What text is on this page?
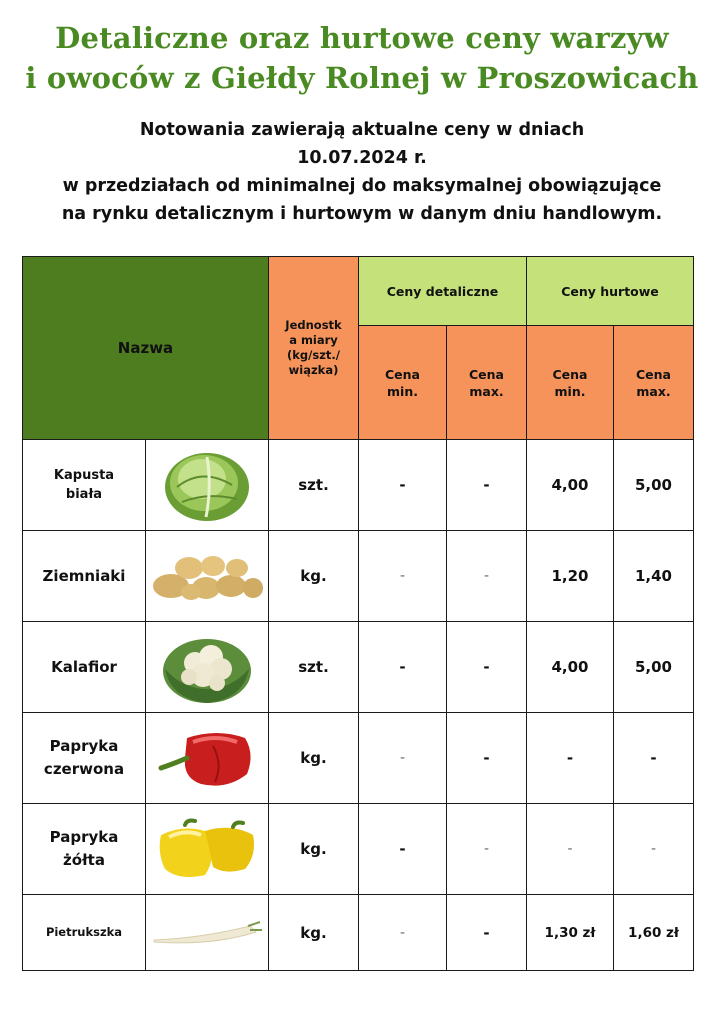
Detaliczne oraz hurtowe ceny warzyw
i owoców z Giełdy Rolnej w Proszowicach
Notowania zawierają aktualne ceny w dniach
10.07.2024 r.
w przedziałach od minimalnej do maksymalnej obowiązujące
na rynku detalicznym i hurtowym w danym dniu handlowym.
Nazwa		Jednostka miary (kg/szt./ wiązka)	Ceny detaliczne		Ceny hurtowe	

			Cena min.	Cena max.	Cena min.	Cena max.

Kapusta biała		szt.	-	-	4,00	5,00
Ziemniaki		kg.	-	-	1,20	1,40
Kalafior		szt.	-	-	4,00	5,00

Papryka czerwona		kg.	-	-	-	-

Papryka żółta		kg.	-	-	-	-
Pietrukszka		kg.	-	-	1,30 zł	1,60 zł
